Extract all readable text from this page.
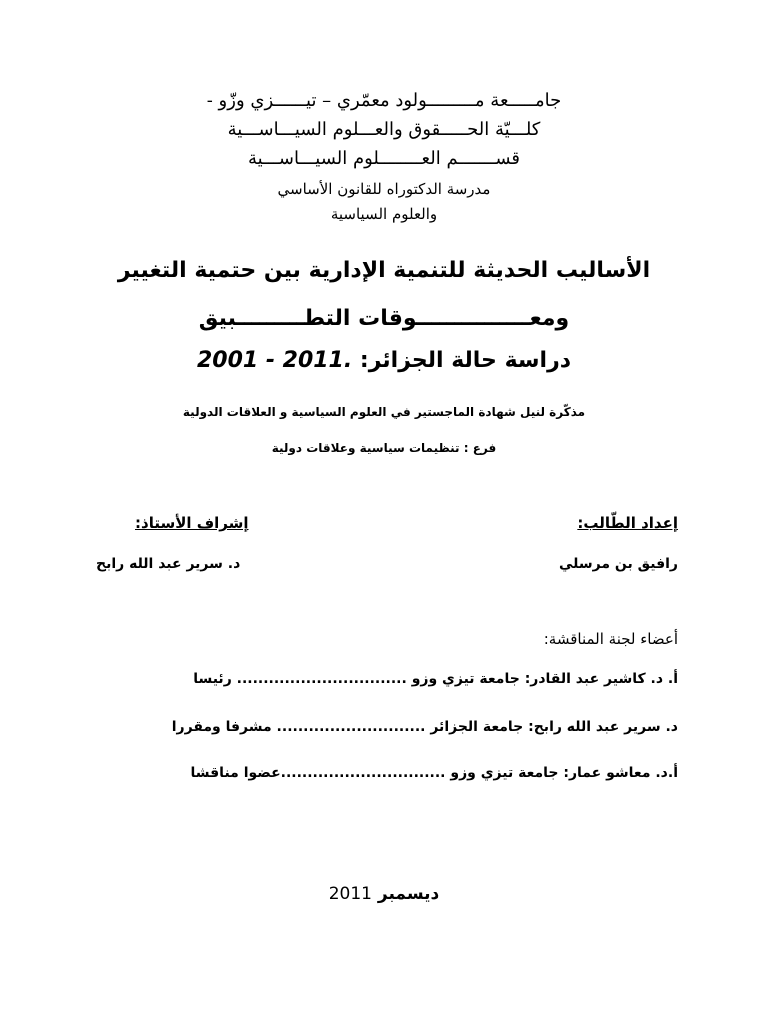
جامـــــعة مـــــــــولود معمّري – تيــــــزي وزّو -
كلـــيّة الحـــــقوق والعـــلوم السيـــاســـية
قســـــــم العــــــــلوم السيـــاســـية
مدرسة الدكتوراه للقانون الأساسي
والعلوم السياسية
الأساليب الحديثة للتنمية الإدارية بين حتمية التغيير
ومعـــــــــــــــوقات التطـــــــــبيق
دراسة حالة الجزائر: 2001 - 2011.
مذكّرة لنيل شهادة الماجستير في العلوم السياسية و العلاقات الدولية
فرع : تنظيمات سياسية وعلاقات دولية
إعداد الطّالب:
رافيق بن مرسلي
إشراف الأستاذ:
د. سرير عبد الله رابح
أعضاء لجنة المناقشة:
أ. د. كاشير عبد القادر: جامعة تيزي وزو ................................ رئيسا
د. سرير عبد الله رابح: جامعة الجزائر ............................ مشرفا ومقررا
أ.د. معاشو عمار: جامعة تيزي وزو ...............................عضوا مناقشا
ديسمبر 2011
